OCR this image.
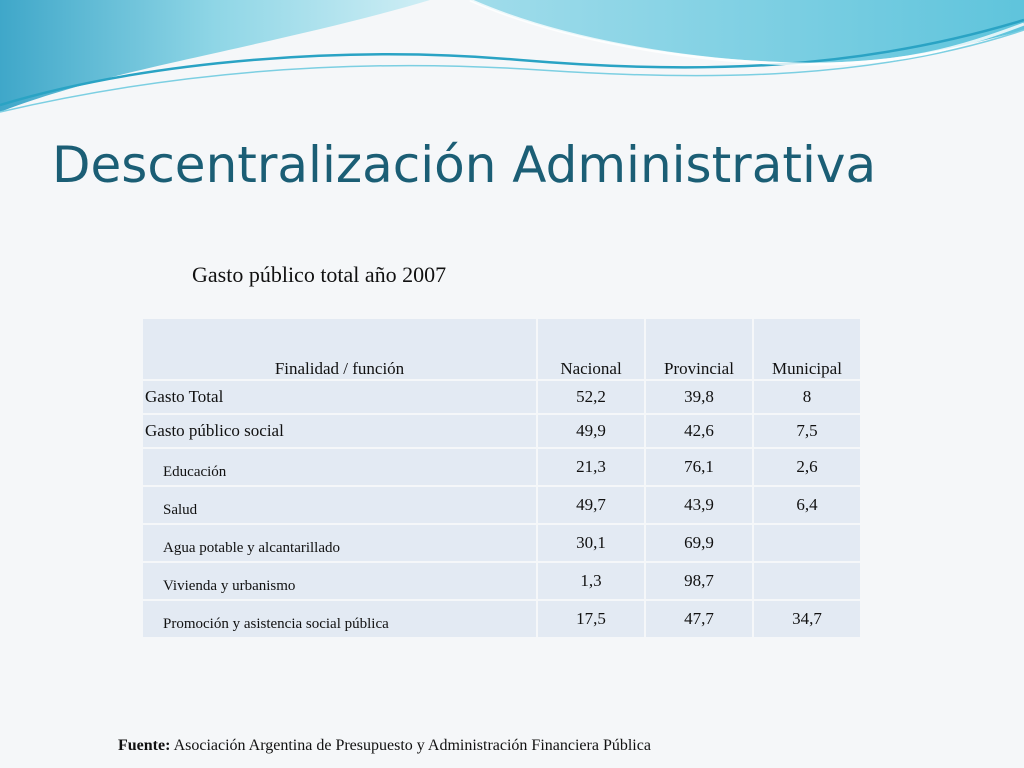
Descentralización Administrativa

Gasto público total año 2007

Finalidad / función	Nacional	Provincial	Municipal
Gasto Total	52,2	39,8	8
Gasto público social	49,9	42,6	7,5
Educación	21,3	76,1	2,6
Salud	49,7	43,9	6,4
Agua potable y alcantarillado	30,1	69,9	
Vivienda y urbanismo	1,3	98,7	
Promoción y asistencia social pública	17,5	47,7	34,7

Fuente: Asociación Argentina de Presupuesto y Administración Financiera Pública
